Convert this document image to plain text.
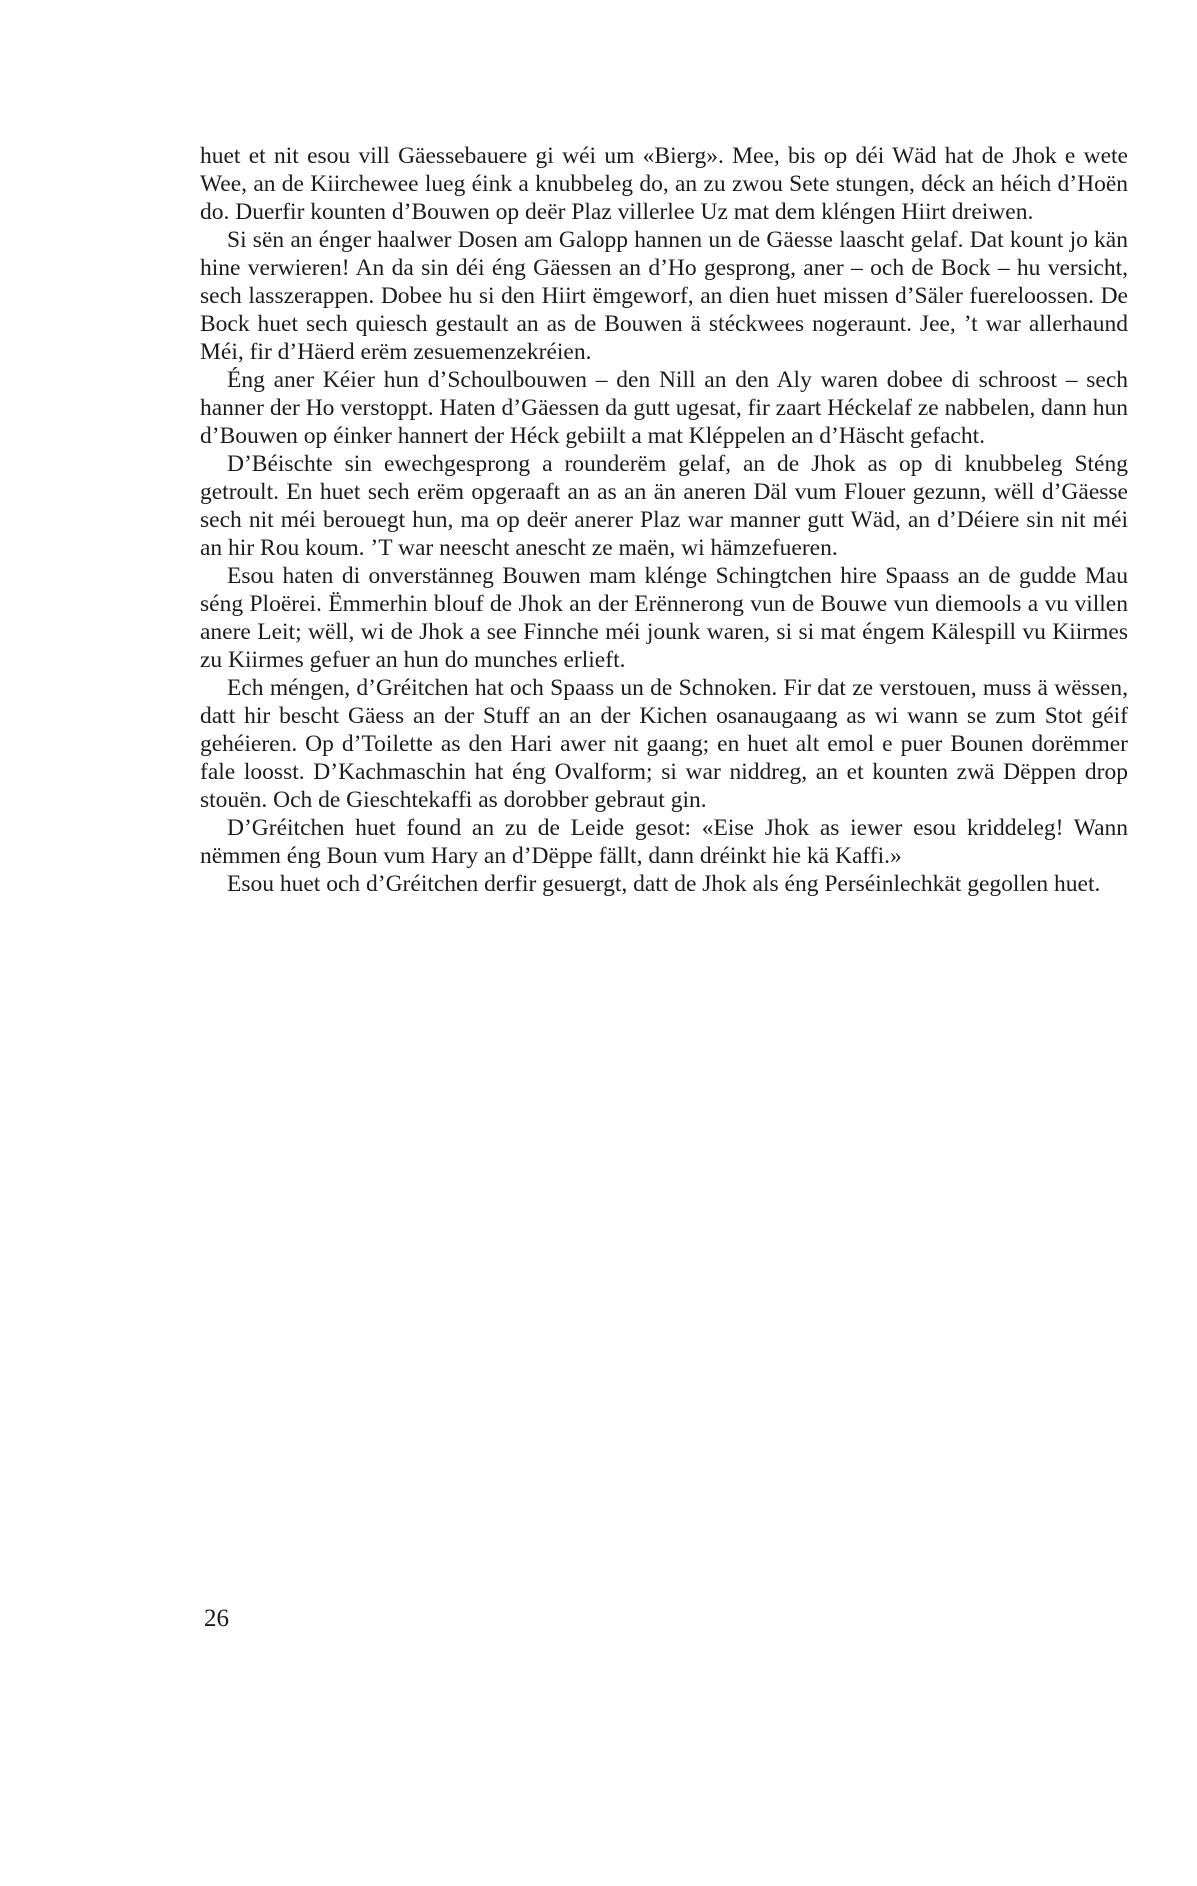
huet et nit esou vill Gäessebauere gi wéi um «Bierg». Mee, bis op déi Wäd hat de Jhok e wete Wee, an de Kiirchewee lueg éink a knubbeleg do, an zu zwou Sete stungen, déck an héich d’Hoën do. Duerfir kounten d’Bouwen op deër Plaz villerlee Uz mat dem kléngen Hiirt dreiwen.

Si sën an énger haalwer Dosen am Galopp hannen un de Gäesse laascht gelaf. Dat kount jo kän hine verwieren! An da sin déi éng Gäessen an d’Ho gesprong, aner – och de Bock – hu versicht, sech lasszerappen. Dobee hu si den Hiirt ëmgeworf, an dien huet missen d’Säler fuereloossen. De Bock huet sech quiesch gestault an as de Bouwen ä stéckwees nogeraunt. Jee, ’t war allerhaund Méi, fir d’Häerd erëm zesuemenzekréien.

Éng aner Kéier hun d’Schoulbouwen – den Nill an den Aly waren dobee di schroost – sech hanner der Ho verstoppt. Haten d’Gäessen da gutt ugesat, fir zaart Héckelaf ze nabbelen, dann hun d’Bouwen op éinker hannert der Héck gebiilt a mat Kléppelen an d’Häscht gefacht.

D’Béischte sin ewechgesprong a rounderëm gelaf, an de Jhok as op di knubbeleg Sténg getroult. En huet sech erëm opgeraaft an as an än aneren Däl vum Flouer gezunn, wëll d’Gäesse sech nit méi berouegt hun, ma op deër anerer Plaz war manner gutt Wäd, an d’Déiere sin nit méi an hir Rou koum. ’T war neescht anescht ze maën, wi hämzefueren.

Esou haten di onverstänneg Bouwen mam kléngе Schingtchen hire Spaass an de gudde Mau séng Ploërei. Ëmmerhin blouf de Jhok an der Erënnerong vun de Bouwe vun diemools a vu villen anere Leit; wëll, wi de Jhok a see Finnche méi jounk waren, si si mat éngem Kälespill vu Kiirmes zu Kiirmes gefuer an hun do munches erlieft.

Ech méngen, d’Gréitchen hat och Spaass un de Schnoken. Fir dat ze verstouen, muss ä wëssen, datt hir bescht Gäess an der Stuff an an der Kichen osanaugaang as wi wann se zum Stot géif gehéieren. Op d’Toilette as den Hari awer nit gaang; en huet alt emol e puer Bounen dorëmmer fale loosst. D’Kachmaschin hat éng Ovalform; si war niddreg, an et kounten zwä Dëppen drop stouën. Och de Gieschtekaffi as dorobber gebraut gin.

D’Gréitchen huet found an zu de Leide gesot: «Eise Jhok as iewer esou kriddeleg! Wann nëmmen éng Boun vum Hary an d’Dëppe fällt, dann dréinkt hie kä Kaffi.»

Esou huet och d’Gréitchen derfir gesuergt, datt de Jhok als éng Perséinlechkät gegollen huet.

26
